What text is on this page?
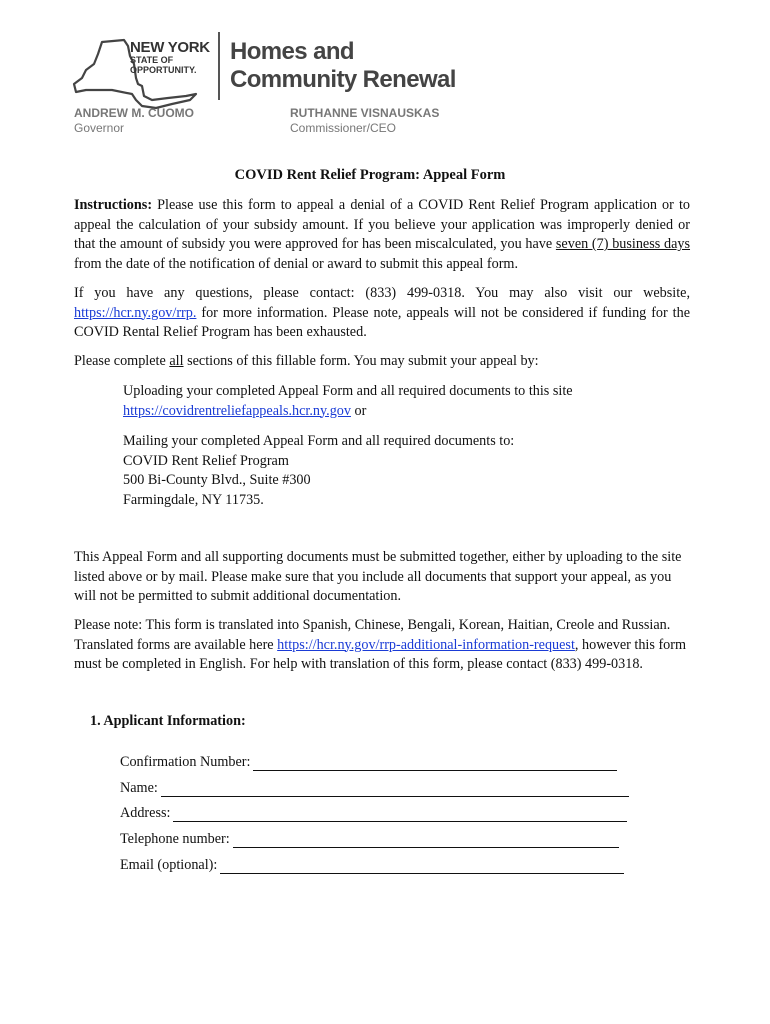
NEW YORK
STATE OF
OPPORTUNITY.
Homes and
Community Renewal
ANDREW M. CUOMO
Governor
RUTHANNE VISNAUSKAS
Commissioner/CEO
COVID Rent Relief Program: Appeal Form
Instructions: Please use this form to appeal a denial of a COVID Rent Relief Program application or to appeal the calculation of your subsidy amount. If you believe your application was improperly denied or that the amount of subsidy you were approved for has been miscalculated, you have seven (7) business days from the date of the notification of denial or award to submit this appeal form.
If you have any questions, please contact: (833) 499-0318. You may also visit our website, https://hcr.ny.gov/rrp. for more information. Please note, appeals will not be considered if funding for the COVID Rental Relief Program has been exhausted.
Please complete all sections of this fillable form. You may submit your appeal by:
Uploading your completed Appeal Form and all required documents to this site
https://covidrentreliefappeals.hcr.ny.gov or
Mailing your completed Appeal Form and all required documents to:
COVID Rent Relief Program
500 Bi-County Blvd., Suite #300
Farmingdale, NY 11735.
This Appeal Form and all supporting documents must be submitted together, either by uploading to the site listed above or by mail. Please make sure that you include all documents that support your appeal, as you will not be permitted to submit additional documentation.
Please note: This form is translated into Spanish, Chinese, Bengali, Korean, Haitian, Creole and Russian. Translated forms are available here https://hcr.ny.gov/rrp-additional-information-request, however this form must be completed in English. For help with translation of this form, please contact (833) 499-0318.
1. Applicant Information:
Confirmation Number:
Name:
Address:
Telephone number:
Email (optional):
